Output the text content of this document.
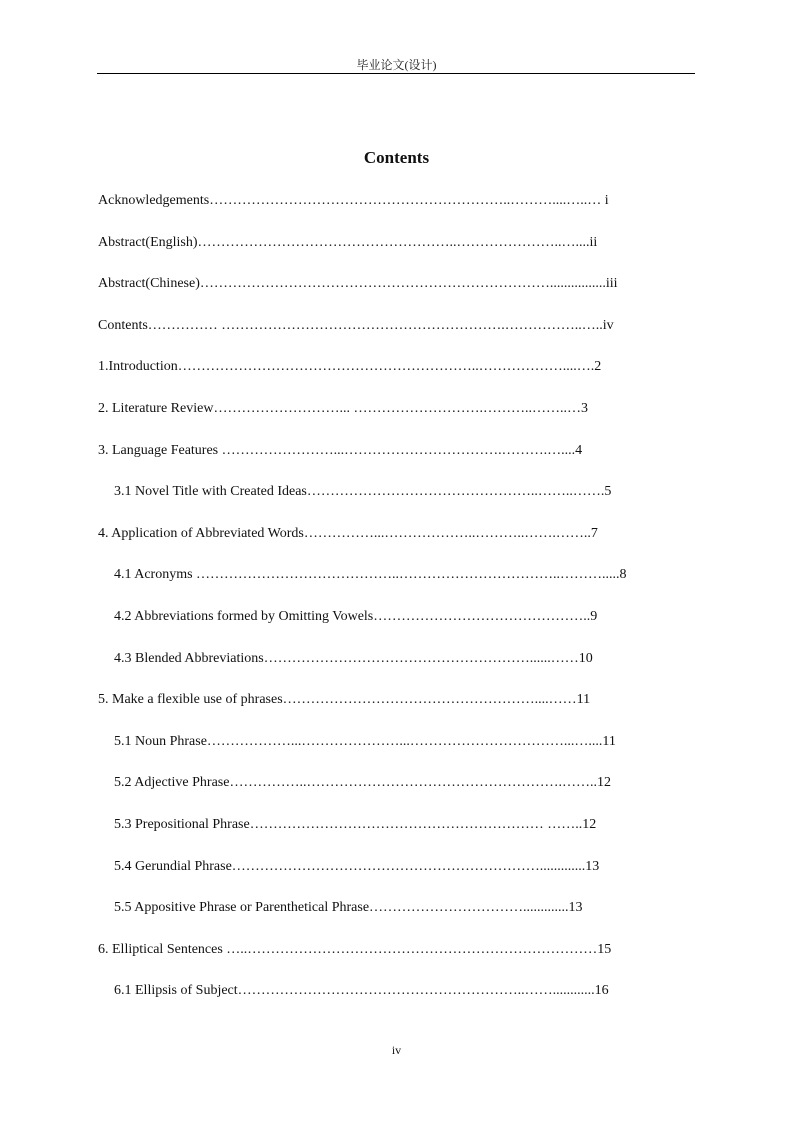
毕业论文(设计)
Contents
Acknowledgements………………………………………………………..………....…..… i
Abstract(English)………………………………………………..…………………..…....ii
Abstract(Chinese)…………………………………………………………………................iii
Contents…………… …………………………………………………….……………..…..iv
1.Introduction………………………………………………………..………………....….2
2. Literature Review………………………... ……………………….………..……..…3
3. Language Features ……………………...…………………………….……….…....4
3.1 Novel Title with Created Ideas…………………………………………..……..…….5
4. Application of Abbreviated Words……………...………………..………..…….……..7
4.1 Acronyms ……………………………………..……………………………..……….....8
4.2 Abbreviations formed by Omitting Vowels………………………………………..9
4.3 Blended Abbreviations…………………………………………………......……10
5. Make a flexible use of phrases………………………………………………....……11
5.1 Noun Phrase………………...…………………...……………………………...…....11
5.2 Adjective Phrase……………..……………………………………………….……..12
5.3 Prepositional Phrase……………………………………………………… ……..12
5.4 Gerundial Phrase………………………………………………………….............13
5.5 Appositive Phrase or Parenthetical Phrase…………………………….............13
6. Elliptical Sentences …..…………………………………………………………………15
6.1 Ellipsis of Subject……………………………………………………..……............16
iv
